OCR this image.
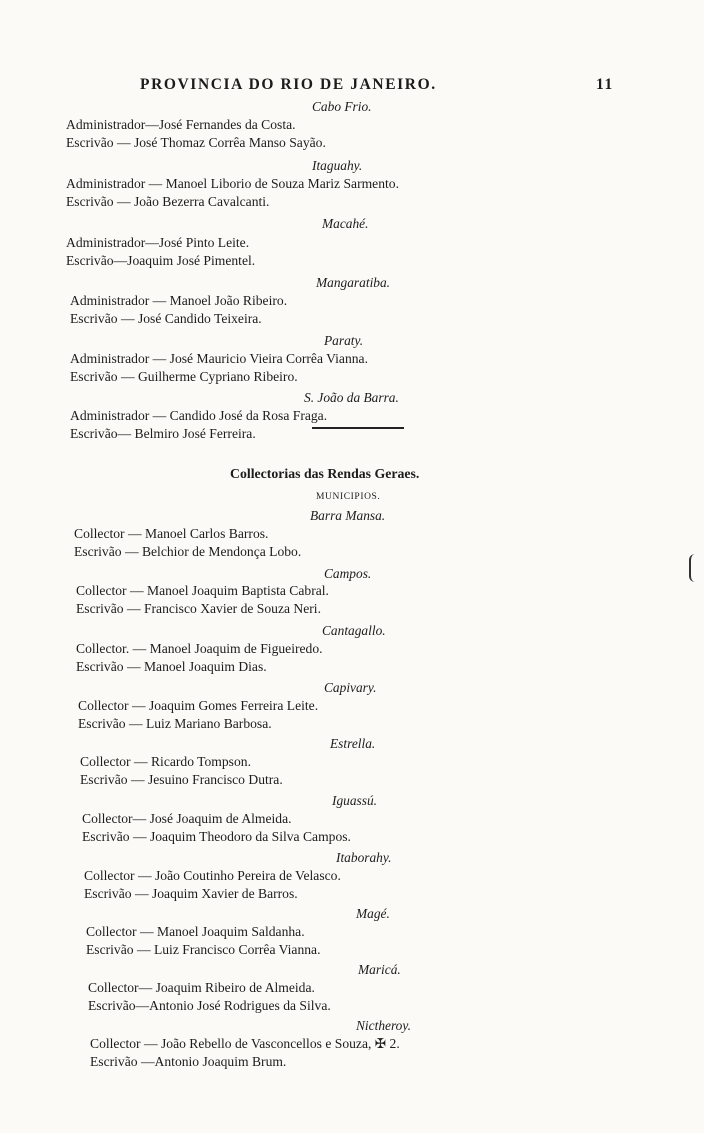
PROVINCIA DO RIO DE JANEIRO.	11
Cabo Frio.
Administrador—José Fernandes da Costa.
Escrivão — José Thomaz Corrêa Manso Sayão.
Itaguahy.
Administrador — Manoel Liborio de Souza Mariz Sarmento.
Escrivão — João Bezerra Cavalcanti.
Macahé.
Administrador—José Pinto Leite.
Escrivão—Joaquim José Pimentel.
Mangaratiba.
Administrador — Manoel João Ribeiro.
Escrivão — José Candido Teixeira.
Paraty.
Administrador — José Mauricio Vieira Corrêa Vianna.
Escrivão — Guilherme Cypriano Ribeiro.
S. João da Barra.
Administrador — Candido José da Rosa Fraga.
Escrivão— Belmiro José Ferreira.
Collectorias das Rendas Geraes.
MUNICIPIOS.
Barra Mansa.
Collector — Manoel Carlos Barros.
Escrivão — Belchior de Mendonça Lobo.
Campos.
Collector — Manoel Joaquim Baptista Cabral.
Escrivão — Francisco Xavier de Souza Neri.
Cantagallo.
Collector. — Manoel Joaquim de Figueiredo.
Escrivão — Manoel Joaquim Dias.
Capivary.
Collector — Joaquim Gomes Ferreira Leite.
Escrivão — Luiz Mariano Barbosa.
Estrella.
Collector — Ricardo Tompson.
Escrivão — Jesuino Francisco Dutra.
Iguassú.
Collector— José Joaquim de Almeida.
Escrivão — Joaquim Theodoro da Silva Campos.
Itaborahy.
Collector — João Coutinho Pereira de Velasco.
Escrivão — Joaquim Xavier de Barros.
Magé.
Collector — Manoel Joaquim Saldanha.
Escrivão — Luiz Francisco Corrêa Vianna.
Maricá.
Collector— Joaquim Ribeiro de Almeida.
Escrivão—Antonio José Rodrigues da Silva.
Nictheroy.
Collector — João Rebello de Vasconcellos e Souza, ✠ 2.
Escrivão —Antonio Joaquim Brum.
